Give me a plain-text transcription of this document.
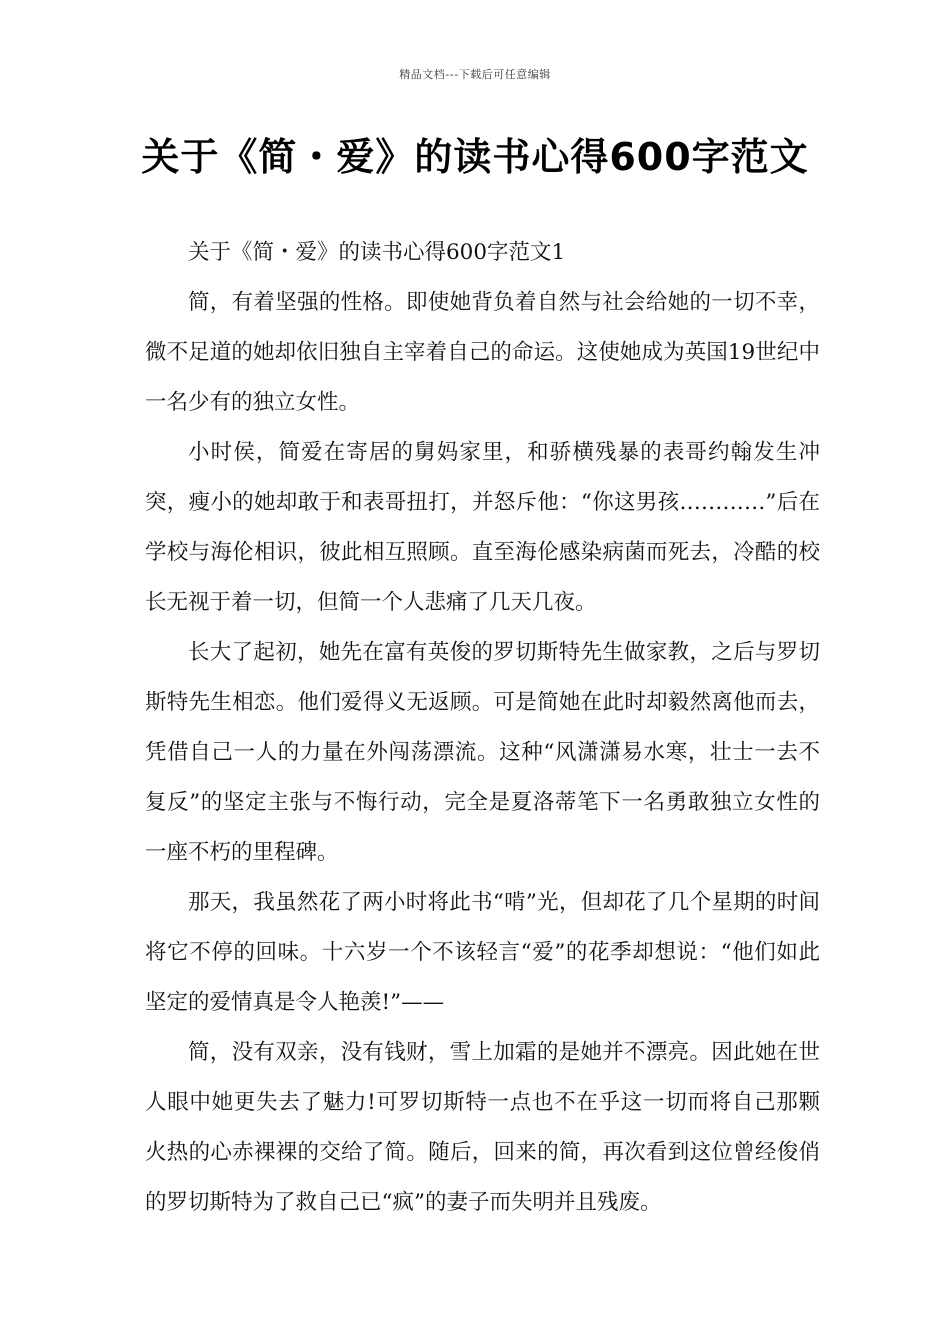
精品文档---下载后可任意编辑
关于《简・爱》的读书心得600字范文

关于《简・爱》的读书心得600字范文1

简，有着坚强的性格。即使她背负着自然与社会给她的一切不幸，微不足道的她却依旧独自主宰着自己的命运。这使她成为英国19世纪中一名少有的独立女性。

小时侯，简爱在寄居的舅妈家里，和骄横残暴的表哥约翰发生冲突，瘦小的她却敢于和表哥扭打，并怒斥他：“你这男孩…………”后在学校与海伦相识，彼此相互照顾。直至海伦感染病菌而死去，冷酷的校长无视于着一切，但简一个人悲痛了几天几夜。

长大了起初，她先在富有英俊的罗切斯特先生做家教，之后与罗切斯特先生相恋。他们爱得义无返顾。可是简她在此时却毅然离他而去，凭借自己一人的力量在外闯荡漂流。这种“风潇潇易水寒，壮士一去不复反”的坚定主张与不悔行动，完全是夏洛蒂笔下一名勇敢独立女性的一座不朽的里程碑。

那天，我虽然花了两小时将此书“啃”光，但却花了几个星期的时间将它不停的回味。十六岁一个不该轻言“爱”的花季却想说：“他们如此坚定的爱情真是令人艳羡!”——

简，没有双亲，没有钱财，雪上加霜的是她并不漂亮。因此她在世人眼中她更失去了魅力!可罗切斯特一点也不在乎这一切而将自己那颗火热的心赤裸裸的交给了简。随后，回来的简，再次看到这位曾经俊俏的罗切斯特为了救自己已“疯”的妻子而失明并且残废。
